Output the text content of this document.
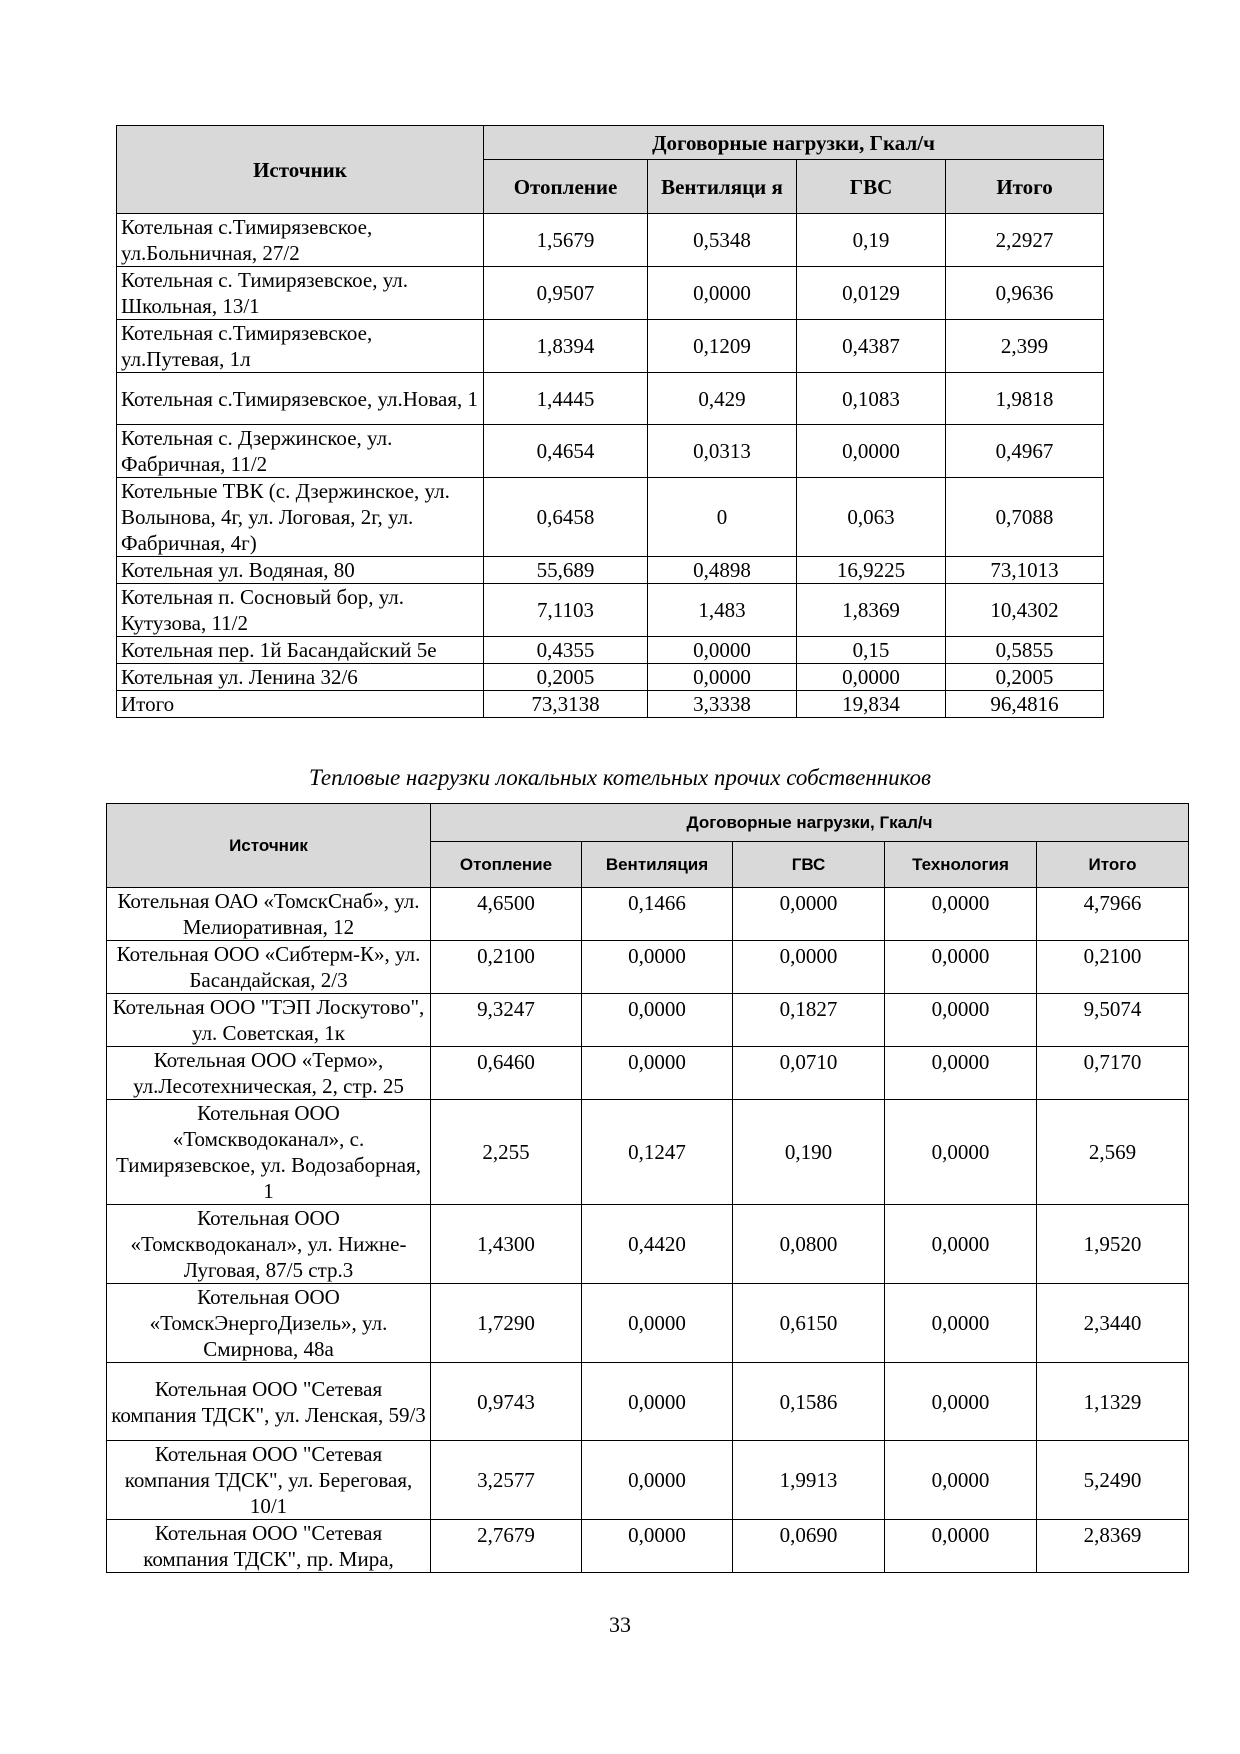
Источник	Договорные нагрузки, Гкал/ч			
	Отопление	Вентиляци я	ГВС	Итого
Котельная с.Тимирязевское, ул.Больничная, 27/2	1,5679	0,5348	0,19	2,2927
Котельная с. Тимирязевское, ул. Школьная, 13/1	0,9507	0,0000	0,0129	0,9636
Котельная с.Тимирязевское, ул.Путевая, 1л	1,8394	0,1209	0,4387	2,399
Котельная с.Тимирязевское, ул.Новая, 1	1,4445	0,429	0,1083	1,9818
Котельная с. Дзержинское, ул. Фабричная, 11/2	0,4654	0,0313	0,0000	0,4967
Котельные ТВК (с. Дзержинское, ул. Волынова, 4г, ул. Логовая, 2г, ул. Фабричная, 4г)	0,6458	0	0,063	0,7088
Котельная ул. Водяная, 80	55,689	0,4898	16,9225	73,1013
Котельная п. Сосновый бор, ул. Кутузова, 11/2	7,1103	1,483	1,8369	10,4302
Котельная пер. 1й Басандайский 5е	0,4355	0,0000	0,15	0,5855
Котельная ул. Ленина 32/6	0,2005	0,0000	0,0000	0,2005
Итого	73,3138	3,3338	19,834	96,4816
Тепловые нагрузки локальных котельных прочих собственников
Источник	Договорные нагрузки, Гкал/ч				
	Отопление	Вентиляция	ГВС	Технология	Итого
Котельная ОАО «ТомскСнаб», ул. Мелиоративная, 12	4,6500	0,1466	0,0000	0,0000	4,7966
Котельная ООО «Сибтерм-К», ул. Басандайская, 2/3	0,2100	0,0000	0,0000	0,0000	0,2100
Котельная ООО "ТЭП Лоскутово", ул. Советская, 1к	9,3247	0,0000	0,1827	0,0000	9,5074
Котельная ООО «Термо», ул.Лесотехническая, 2, стр. 25	0,6460	0,0000	0,0710	0,0000	0,7170
Котельная ООО «Томскводоканал», с. Тимирязевское, ул. Водозаборная, 1	2,255	0,1247	0,190	0,0000	2,569
Котельная ООО «Томскводоканал», ул. Нижне-Луговая, 87/5 стр.3	1,4300	0,4420	0,0800	0,0000	1,9520
Котельная ООО «ТомскЭнергоДизель», ул. Смирнова, 48а	1,7290	0,0000	0,6150	0,0000	2,3440
Котельная ООО "Сетевая компания ТДСК", ул. Ленская, 59/3	0,9743	0,0000	0,1586	0,0000	1,1329
Котельная ООО "Сетевая компания ТДСК", ул. Береговая, 10/1	3,2577	0,0000	1,9913	0,0000	5,2490
Котельная ООО "Сетевая компания ТДСК", пр. Мира,	2,7679	0,0000	0,0690	0,0000	2,8369
33
